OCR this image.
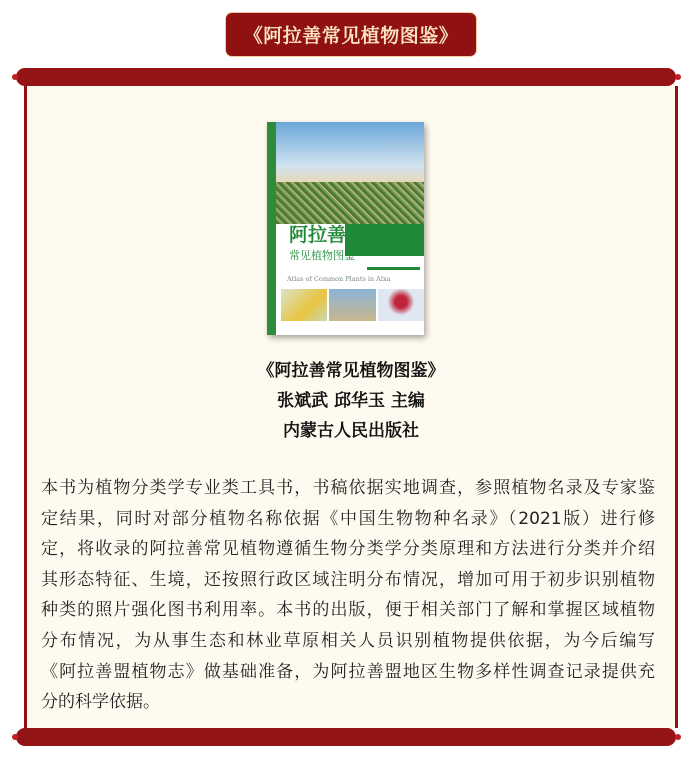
《阿拉善常见植物图鉴》
阿拉善
常见植物图鉴
Atlas of Common Plants in Alxa
《阿拉善常见植物图鉴》
张斌武 邱华玉 主编
内蒙古人民出版社
本书为植物分类学专业类工具书，书稿依据实地调查，参照植物名录及专家鉴
定结果，同时对部分植物名称依据《中国生物物种名录》（2021版）进行修
定，将收录的阿拉善常见植物遵循生物分类学分类原理和方法进行分类并介绍
其形态特征、生境，还按照行政区域注明分布情况，增加可用于初步识别植物
种类的照片强化图书利用率。本书的出版，便于相关部门了解和掌握区域植物
分布情况，为从事生态和林业草原相关人员识别植物提供依据，为今后编写
《阿拉善盟植物志》做基础准备，为阿拉善盟地区生物多样性调查记录提供充
分的科学依据。
